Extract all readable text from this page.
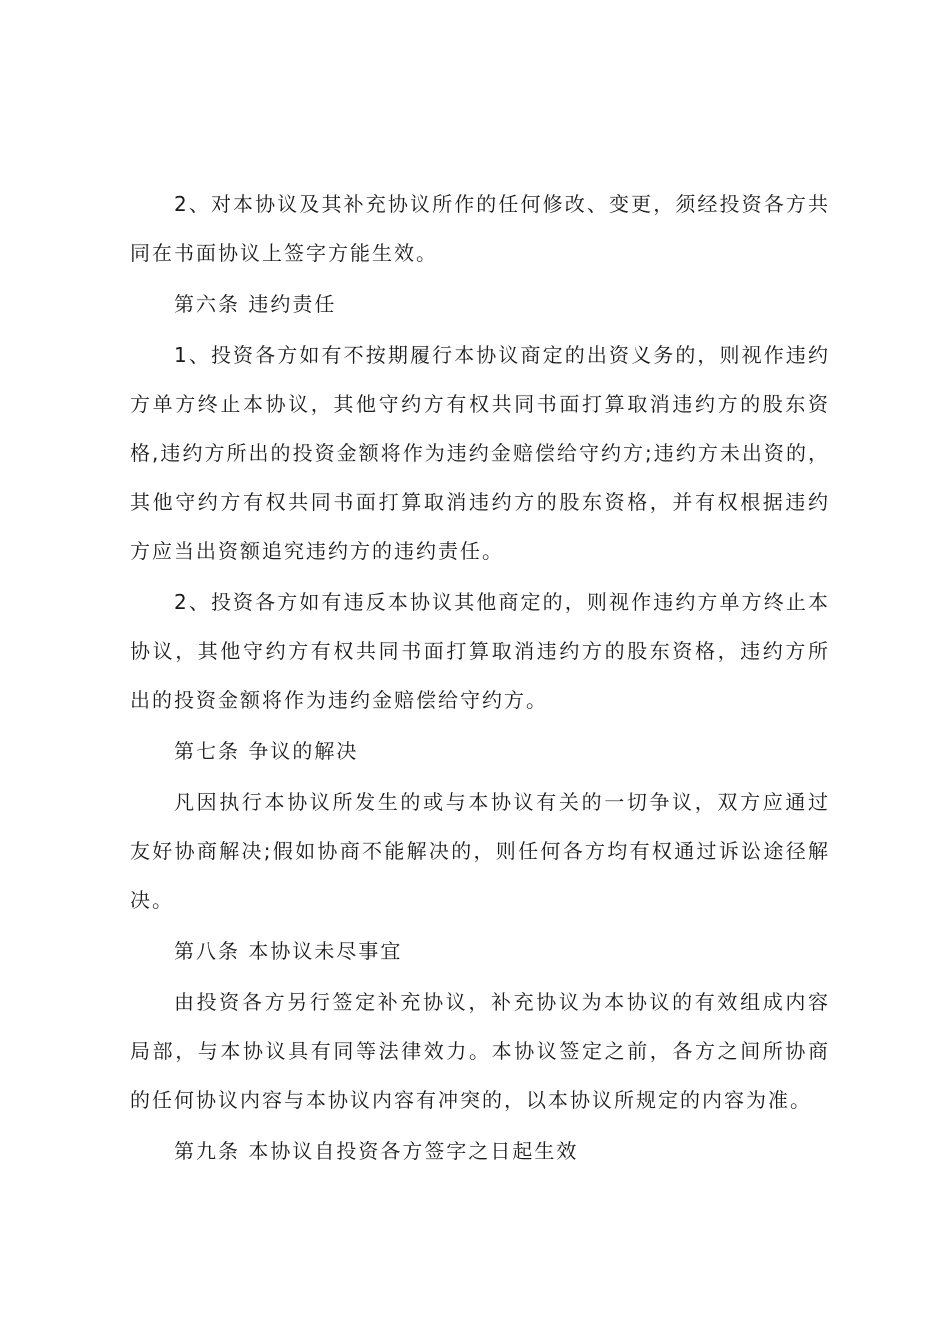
2、对本协议及其补充协议所作的任何修改、变更，须经投资各方共同在书面协议上签字方能生效。

第六条 违约责任

1、投资各方如有不按期履行本协议商定的出资义务的，则视作违约方单方终止本协议，其他守约方有权共同书面打算取消违约方的股东资格,违约方所出的投资金额将作为违约金赔偿给守约方;违约方未出资的，其他守约方有权共同书面打算取消违约方的股东资格，并有权根据违约方应当出资额追究违约方的违约责任。

2、投资各方如有违反本协议其他商定的，则视作违约方单方终止本协议，其他守约方有权共同书面打算取消违约方的股东资格，违约方所出的投资金额将作为违约金赔偿给守约方。

第七条 争议的解决

凡因执行本协议所发生的或与本协议有关的一切争议，双方应通过友好协商解决;假如协商不能解决的，则任何各方均有权通过诉讼途径解决。

第八条 本协议未尽事宜

由投资各方另行签定补充协议，补充协议为本协议的有效组成内容局部，与本协议具有同等法律效力。本协议签定之前，各方之间所协商的任何协议内容与本协议内容有冲突的，以本协议所规定的内容为准。

第九条 本协议自投资各方签字之日起生效
